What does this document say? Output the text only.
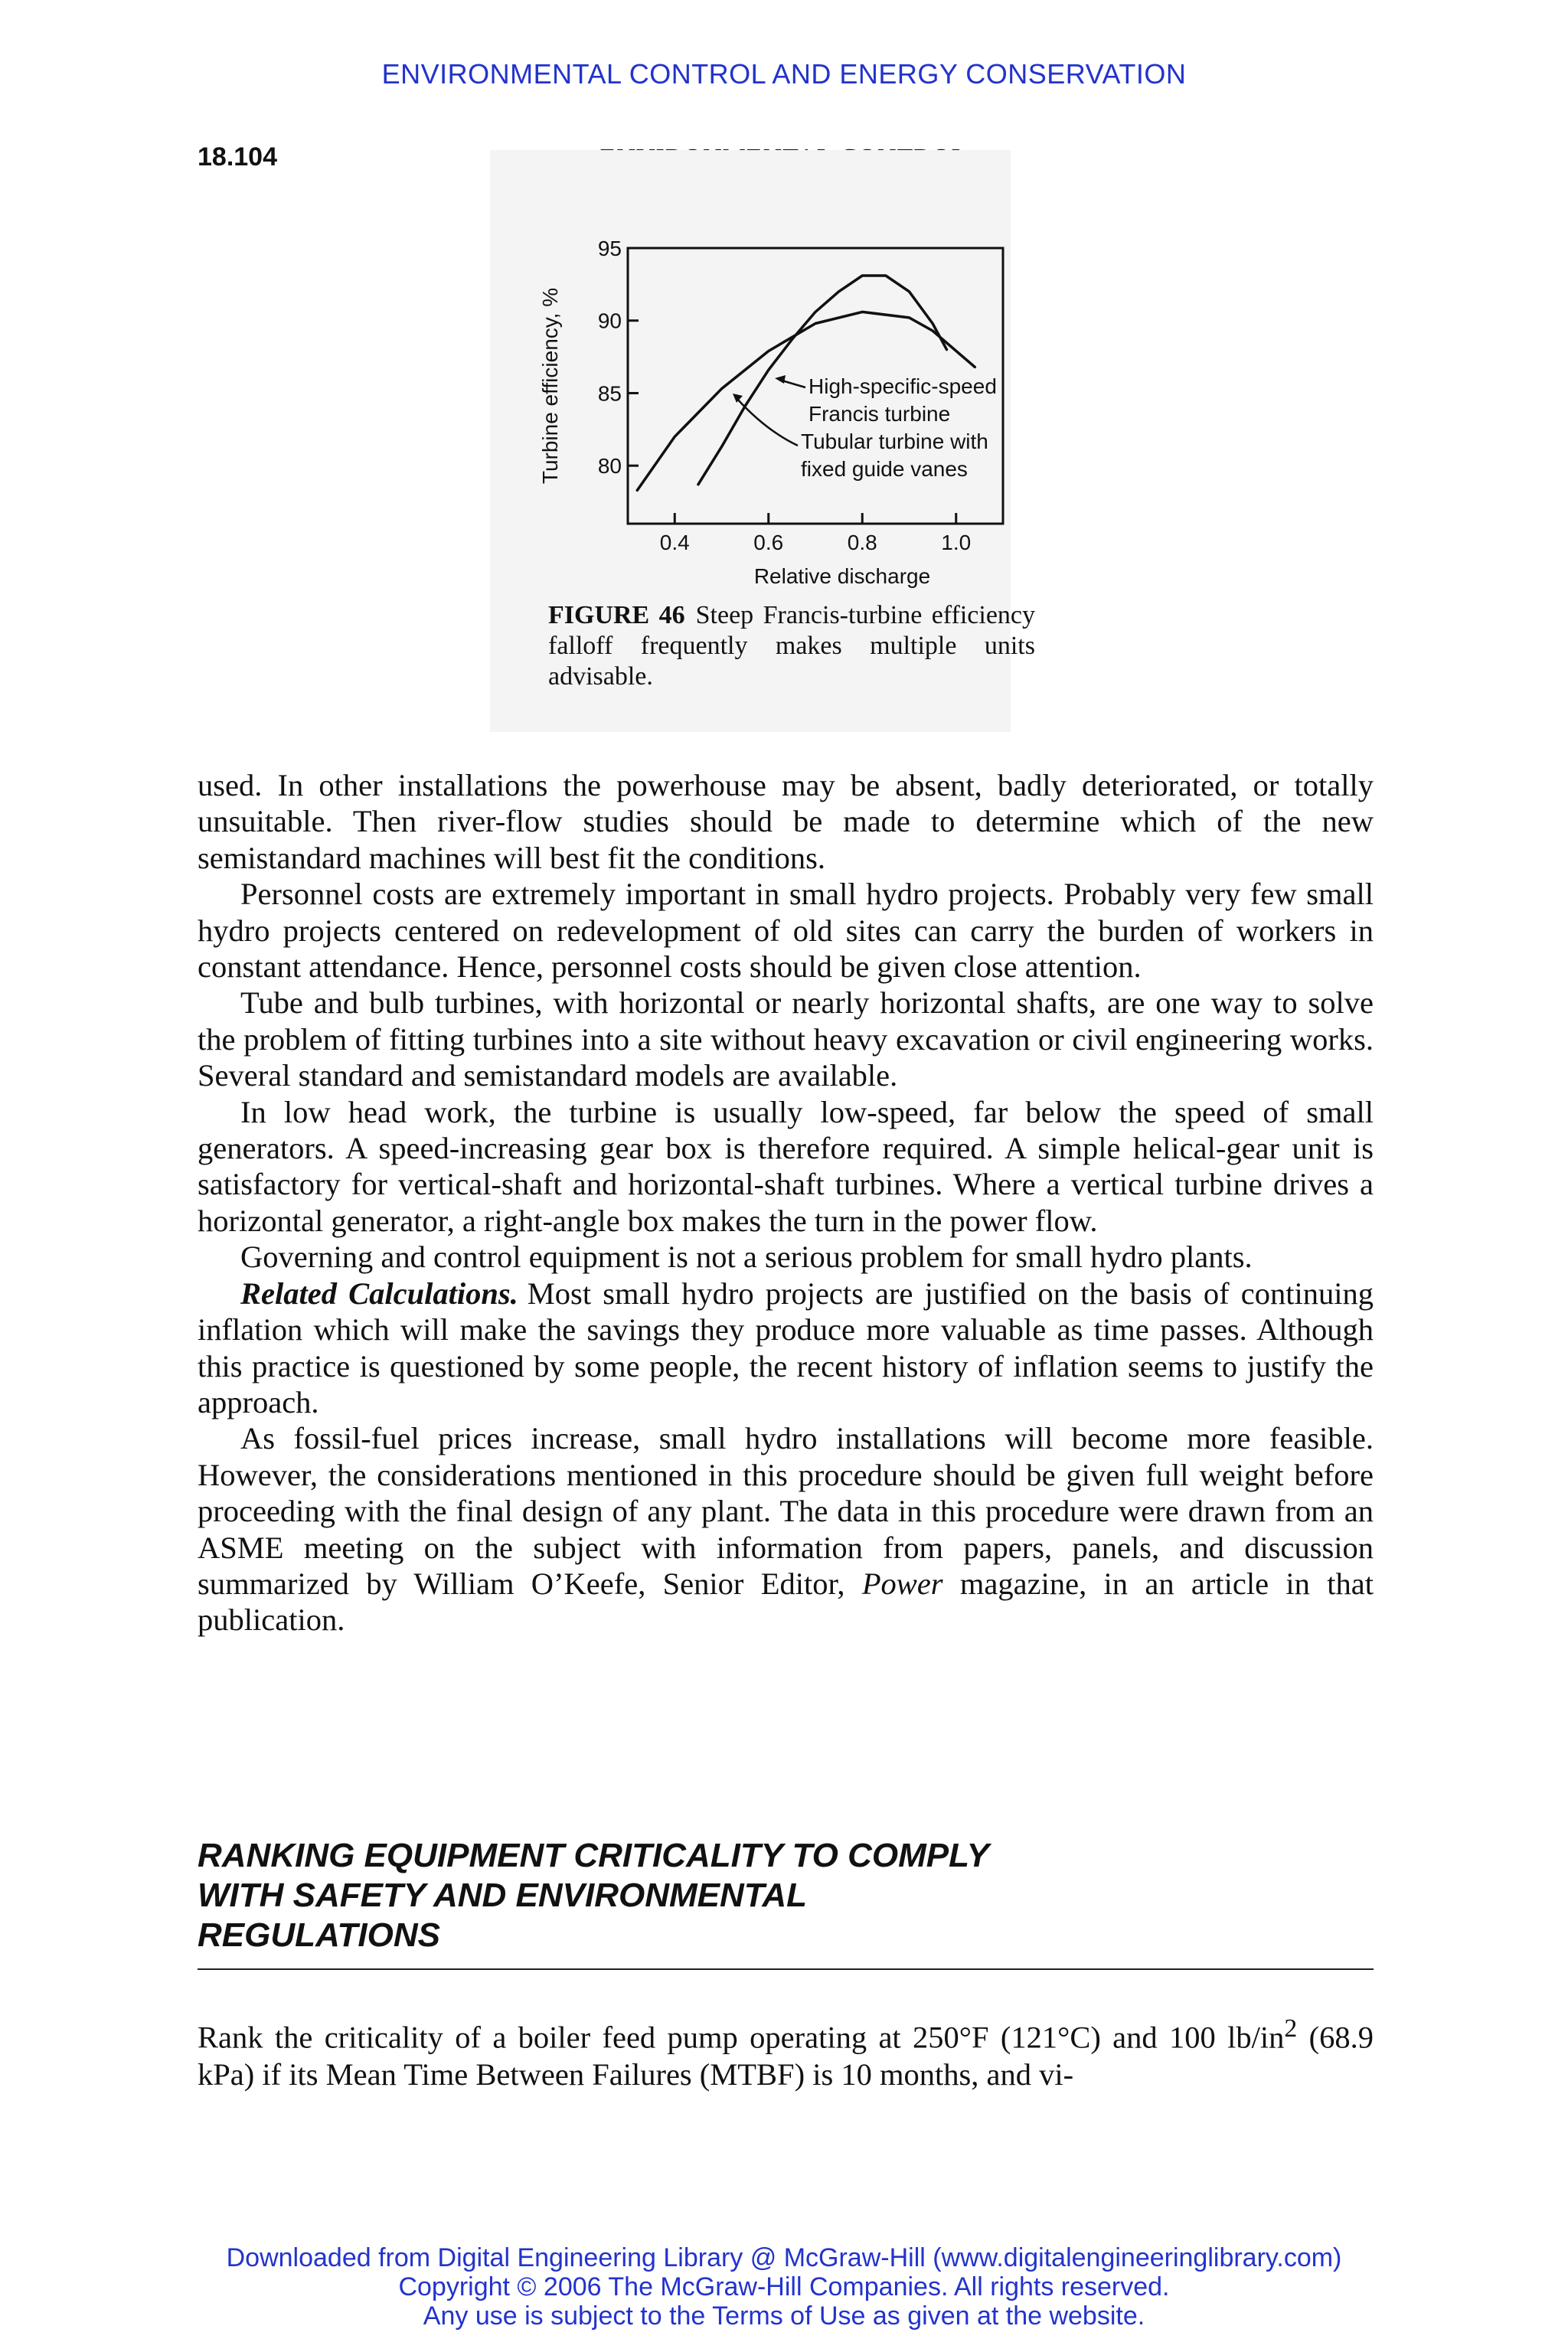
ENVIRONMENTAL CONTROL AND ENERGY CONSERVATION
18.104
95
90
85
80
0.4	0.6	0.8	1.0
Turbine efficiency, %
Relative discharge
High-specific-speed Francis turbine
Tubular turbine with fixed guide vanes
FIGURE 46 Steep Francis-turbine efficiency falloff frequently makes multiple units advisable.

used. In other installations the powerhouse may be absent, badly deteriorated, or totally unsuitable. Then river-flow studies should be made to determine which of the new semistandard machines will best fit the conditions.

Personnel costs are extremely important in small hydro projects. Probably very few small hydro projects centered on redevelopment of old sites can carry the burden of workers in constant attendance. Hence, personnel costs should be given close attention.

Tube and bulb turbines, with horizontal or nearly horizontal shafts, are one way to solve the problem of fitting turbines into a site without heavy excavation or civil engineering works. Several standard and semistandard models are available.

In low head work, the turbine is usually low-speed, far below the speed of small generators. A speed-increasing gear box is therefore required. A simple helical-gear unit is satisfactory for vertical-shaft and horizontal-shaft turbines. Where a vertical turbine drives a horizontal generator, a right-angle box makes the turn in the power flow.

Governing and control equipment is not a serious problem for small hydro plants.

Related Calculations. Most small hydro projects are justified on the basis of continuing inflation which will make the savings they produce more valuable as time passes. Although this practice is questioned by some people, the recent history of inflation seems to justify the approach.

As fossil-fuel prices increase, small hydro installations will become more feasible. However, the considerations mentioned in this procedure should be given full weight before proceeding with the final design of any plant. The data in this procedure were drawn from an ASME meeting on the subject with information from papers, panels, and discussion summarized by William O’Keefe, Senior Editor, Power magazine, in an article in that publication.

RANKING EQUIPMENT CRITICALITY TO COMPLY
WITH SAFETY AND ENVIRONMENTAL
REGULATIONS

Rank the criticality of a boiler feed pump operating at 250°F (121°C) and 100 $lb/in^2$ (68.9 kPa) if its Mean Time Between Failures (MTBF) is 10 months, and vi-

Downloaded from Digital Engineering Library @ McGraw-Hill (www.digitalengineeringlibrary.com)
Copyright © 2006 The McGraw-Hill Companies. All rights reserved.
Any use is subject to the Terms of Use as given at the website.
